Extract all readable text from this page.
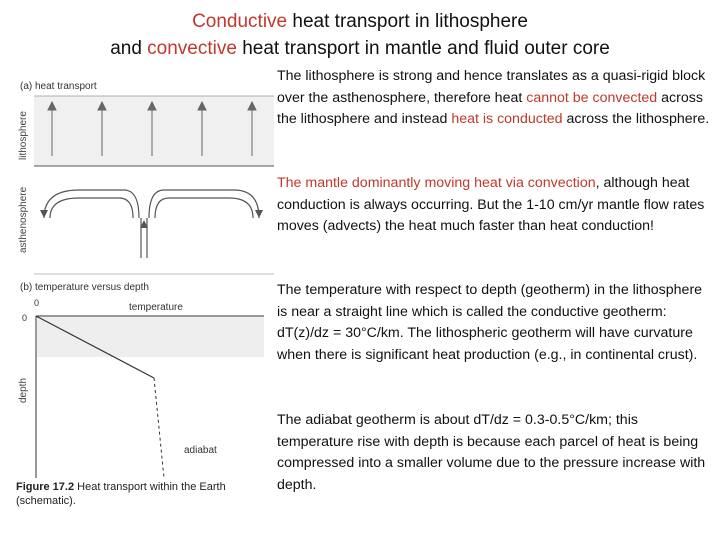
Conductive heat transport in lithosphere
and convective heat transport in mantle and fluid outer core
(a) heat transport
lithosphere
asthenosphere
(b) temperature versus depth
0
0
temperature
depth
adiabat
Figure 17.2 Heat transport within the Earth
(schematic).
The lithosphere is strong and hence translates as a quasi-rigid block over the asthenosphere, therefore heat cannot be convected across the lithosphere and instead heat is conducted across the lithosphere.
The mantle dominantly moving heat via convection, although heat conduction is always occurring. But the 1-10 cm/yr mantle flow rates moves (advects) the heat much faster than heat conduction!
The temperature with respect to depth (geotherm) in the lithosphere is near a straight line which is called the conductive geotherm: dT(z)/dz = 30°C/km. The lithospheric geotherm will have curvature when there is significant heat production (e.g., in continental crust).
The adiabat geotherm is about dT/dz = 0.3-0.5°C/km; this temperature rise with depth is because each parcel of heat is being compressed into a smaller volume due to the pressure increase with depth.
